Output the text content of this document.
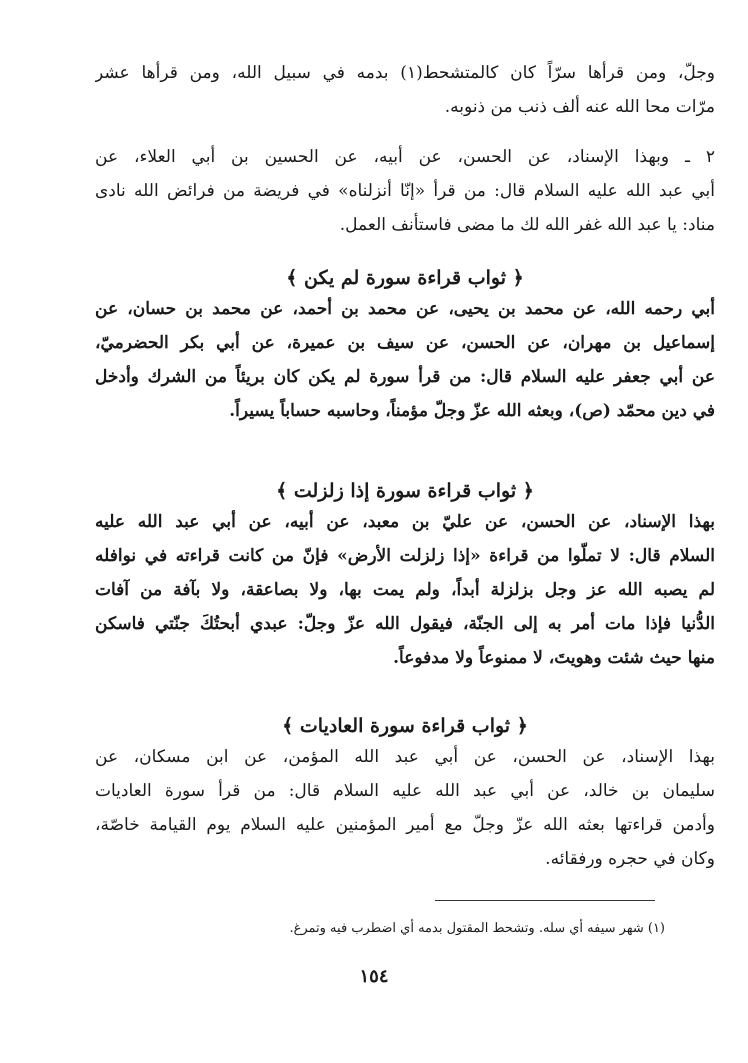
وجلّ، ومن قرأها سرّاً كان كالمتشحط(١) بدمه في سبيل الله، ومن قرأها عشر
مرّات محا الله عنه ألف ذنب من ذنوبه.
٢ ـ وبهذا الإسناد، عن الحسن، عن أبيه، عن الحسين بن أبي العلاء، عن
أبي عبد الله عليه السلام قال: من قرأ «إنّا أنزلناه» في فريضة من فرائض الله نادى
مناد: يا عبد الله غفر الله لك ما مضى فاستأنف العمل.
﴿ ثواب قراءة سورة لم يكن ﴾
أبي رحمه الله، عن محمد بن يحيى، عن محمد بن أحمد، عن محمد بن حسان، عن
إسماعيل بن مهران، عن الحسن، عن سيف بن عميرة، عن أبي بكر الحضرميّ،
عن أبي جعفر عليه السلام قال: من قرأ سورة لم يكن كان بريئاً من الشرك وأدخل
في دين محمّد (ص)، وبعثه الله عزّ وجلّ مؤمناً، وحاسبه حساباً يسيراً.
﴿ ثواب قراءة سورة إذا زلزلت ﴾
بهذا الإسناد، عن الحسن، عن عليّ بن معبد، عن أبيه، عن أبي عبد الله عليه
السلام قال: لا تملّوا من قراءة «إذا زلزلت الأرض» فإنّ من كانت قراءته في نوافله
لم يصبه الله عز وجل بزلزلة أبداً، ولم يمت بها، ولا بصاعقة، ولا بآفة من آفات
الدُّنيا فإذا مات أمر به إلى الجنّة، فيقول الله عزّ وجلّ: عبدي أبحتُكَ جنّتي فاسكن
منها حيث شئت وهويتَ، لا ممنوعاً ولا مدفوعاً.
﴿ ثواب قراءة سورة العاديات ﴾
بهذا الإسناد، عن الحسن، عن أبي عبد الله المؤمن، عن ابن مسكان، عن
سليمان بن خالد، عن أبي عبد الله عليه السلام قال: من قرأ سورة العاديات
وأدمن قراءتها بعثه الله عزّ وجلّ مع أمير المؤمنين عليه السلام يوم القيامة خاصّة،
وكان في حجره ورفقائه.
(١) شهر سيفه أي سله. وتشحط المقتول بدمه أي اضطرب فيه وتمرغ.
١٥٤
